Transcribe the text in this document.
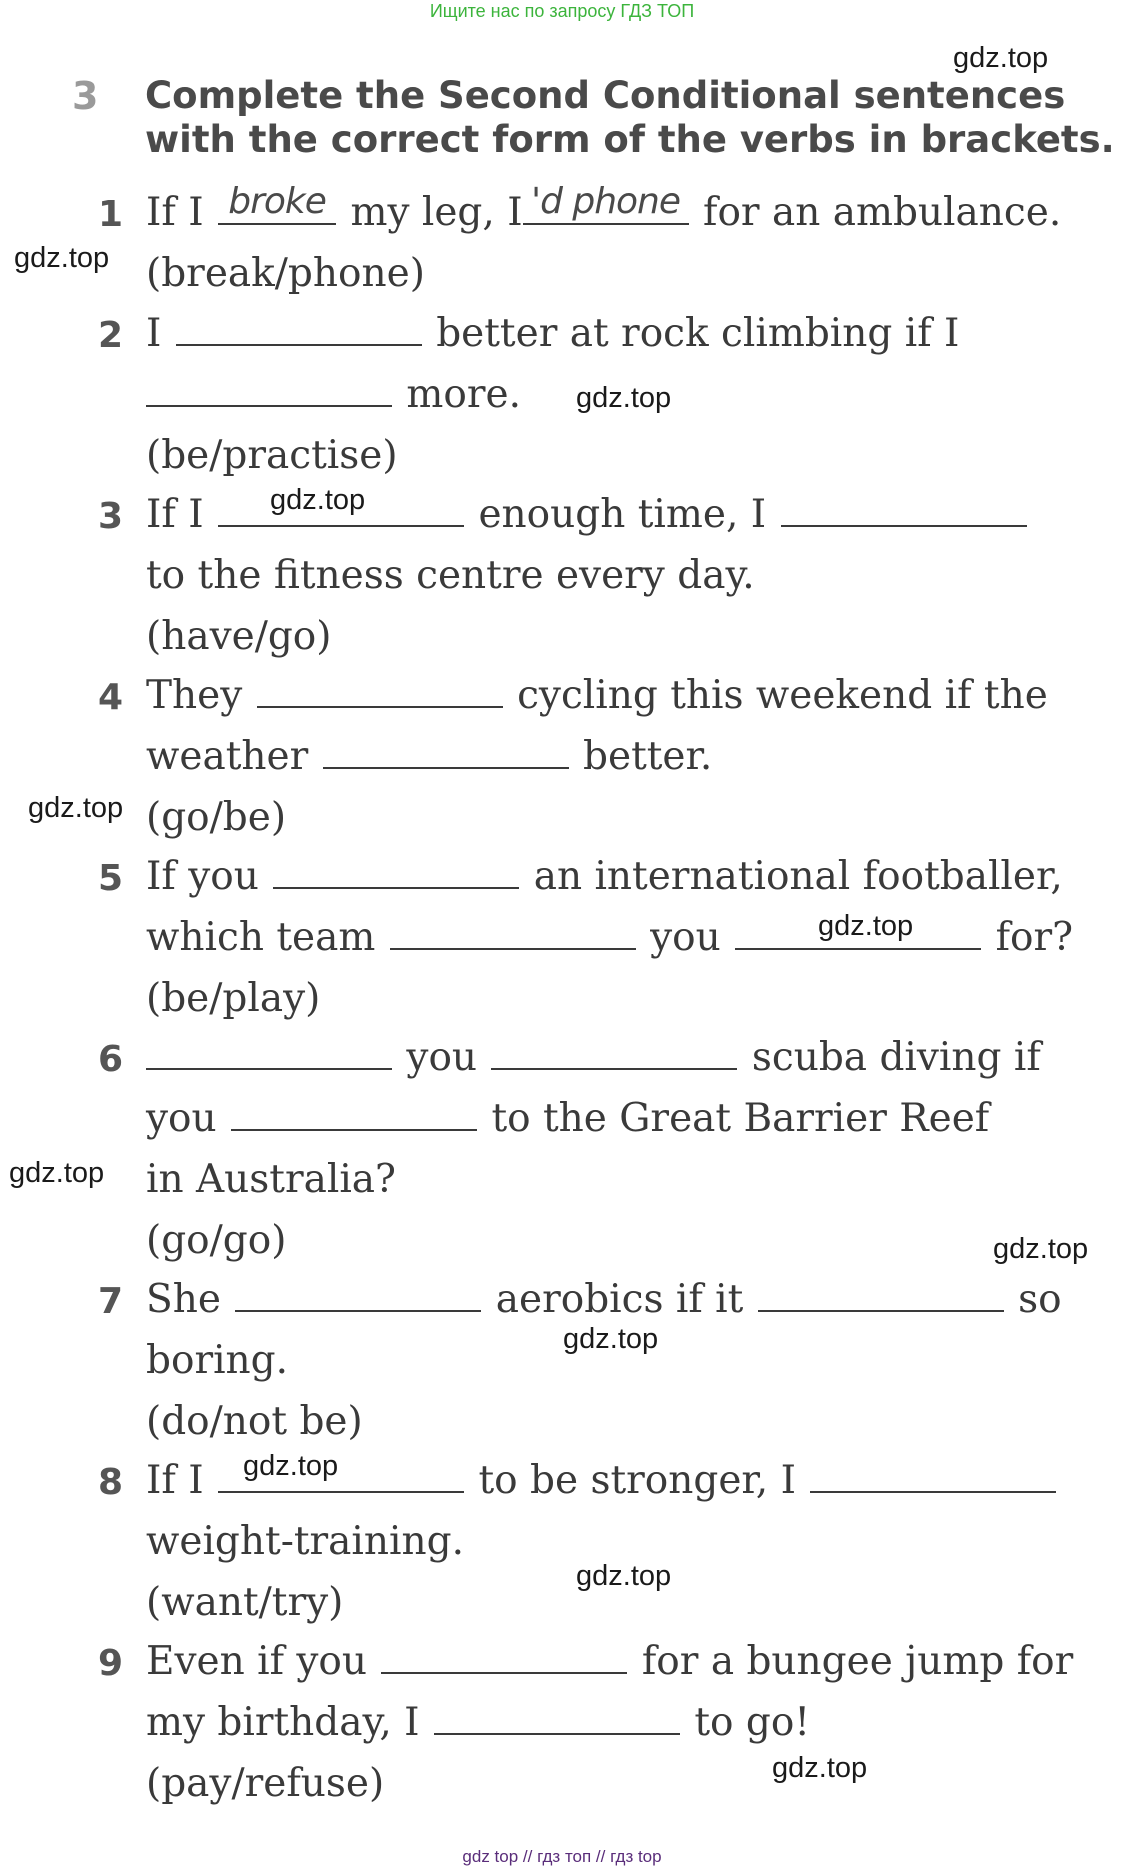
Ищите нас по запросу ГДЗ ТОП
3 Complete the Second Conditional sentences
with the correct form of the verbs in brackets.
1 If I broke my leg, I 'd phone for an ambulance.
(break/phone)
2 I	better at rock climbing if I
more.
(be/practise)
3 If I	enough time, I
to the fitness centre every day.
(have/go)
4 They	cycling this weekend if the
weather	better.
(go/be)
5 If you	an international footballer,
which team	you	for?
(be/play)
6	you	scuba diving if
you	to the Great Barrier Reef
in Australia?
(go/go)
7 She	aerobics if it	so
boring.
(do/not be)
8 If I	to be stronger, I
weight-training.
(want/try)
9 Even if you	for a bungee jump for
my birthday, I	to go!
(pay/refuse)
gdz.top
gdz.top
gdz.top
gdz.top
gdz.top
gdz.top
gdz.top
gdz.top
gdz.top
gdz.top
gdz.top
gdz.top
gdz top // гдз топ // гдз top
